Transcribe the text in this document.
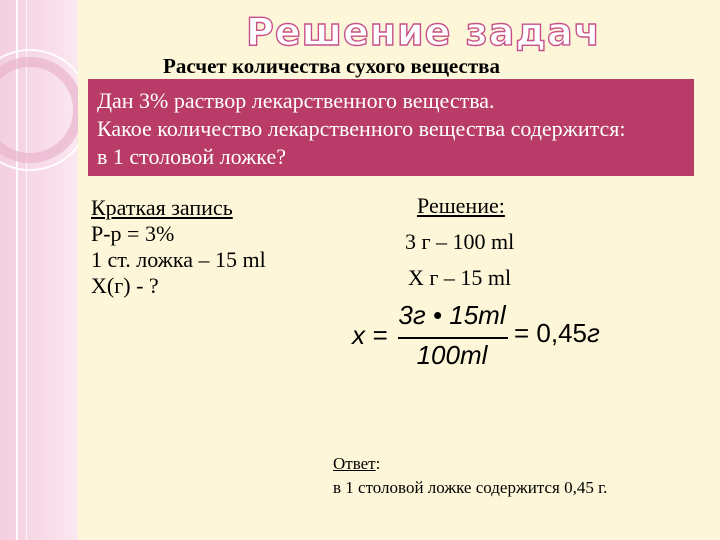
Решение задач
Расчет количества сухого вещества
Дан 3% раствор лекарственного вещества.
Какое количество лекарственного вещества содержится:
в 1 столовой ложке?
Краткая запись
Р-р = 3%
1 ст. ложка – 15 ml
X(г) - ?
Решение:
3 г – 100 ml
X г – 15 ml
x =
3г • 15ml
100ml
= 0,45г
Ответ:
в 1 столовой ложке содержится 0,45 г.
